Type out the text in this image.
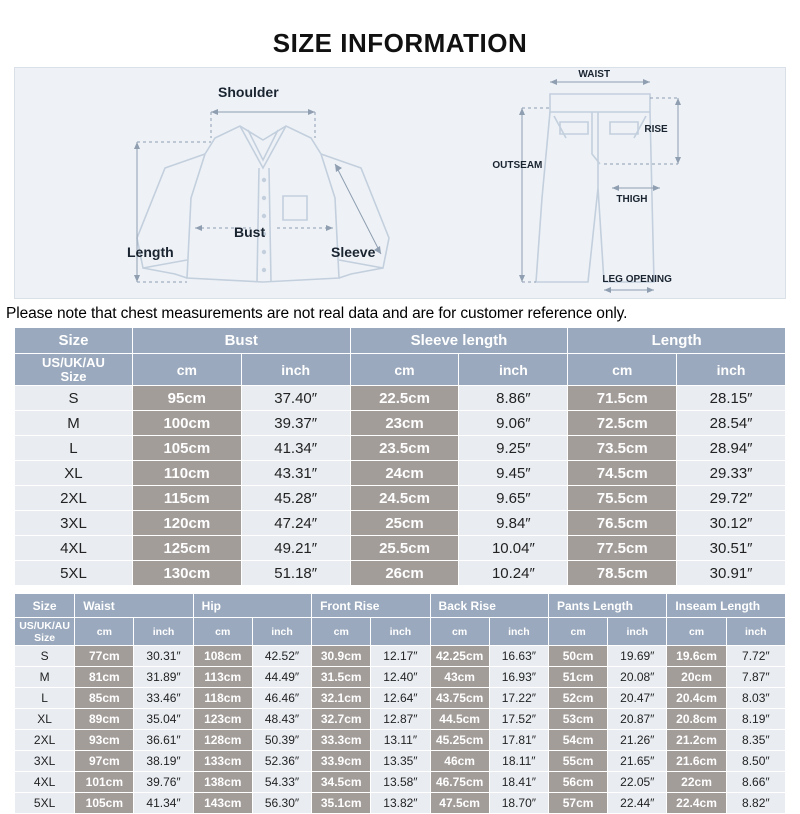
SIZE INFORMATION
Shoulder
Bust
Length	Sleeve
WAIST
RISE
OUTSEAM
THIGH
LEG OPENING
Please note that chest measurements are not real data and are for customer reference only.
Size	Bust		Sleeve length		Length	
US/UK/AU
Size	cm	inch	cm	inch	cm	inch
S	95cm	37.40″	22.5cm	8.86″	71.5cm	28.15″
M	100cm	39.37″	23cm	9.06″	72.5cm	28.54″
L	105cm	41.34″	23.5cm	9.25″	73.5cm	28.94″
XL	110cm	43.31″	24cm	9.45″	74.5cm	29.33″
2XL	115cm	45.28″	24.5cm	9.65″	75.5cm	29.72″
3XL	120cm	47.24″	25cm	9.84″	76.5cm	30.12″
4XL	125cm	49.21″	25.5cm	10.04″	77.5cm	30.51″
5XL	130cm	51.18″	26cm	10.24″	78.5cm	30.91″
Size	Waist		Hip		Front Rise		Back Rise		Pants Length		Inseam Length	
US/UK/AU
Size	cm	inch	cm	inch	cm	inch	cm	inch	cm	inch	cm	inch
S	77cm	30.31″	108cm	42.52″	30.9cm	12.17″	42.25cm	16.63″	50cm	19.69″	19.6cm	7.72″
M	81cm	31.89″	113cm	44.49″	31.5cm	12.40″	43cm	16.93″	51cm	20.08″	20cm	7.87″
L	85cm	33.46″	118cm	46.46″	32.1cm	12.64″	43.75cm	17.22″	52cm	20.47″	20.4cm	8.03″
XL	89cm	35.04″	123cm	48.43″	32.7cm	12.87″	44.5cm	17.52″	53cm	20.87″	20.8cm	8.19″
2XL	93cm	36.61″	128cm	50.39″	33.3cm	13.11″	45.25cm	17.81″	54cm	21.26″	21.2cm	8.35″
3XL	97cm	38.19″	133cm	52.36″	33.9cm	13.35″	46cm	18.11″	55cm	21.65″	21.6cm	8.50″
4XL	101cm	39.76″	138cm	54.33″	34.5cm	13.58″	46.75cm	18.41″	56cm	22.05″	22cm	8.66″
5XL	105cm	41.34″	143cm	56.30″	35.1cm	13.82″	47.5cm	18.70″	57cm	22.44″	22.4cm	8.82″
